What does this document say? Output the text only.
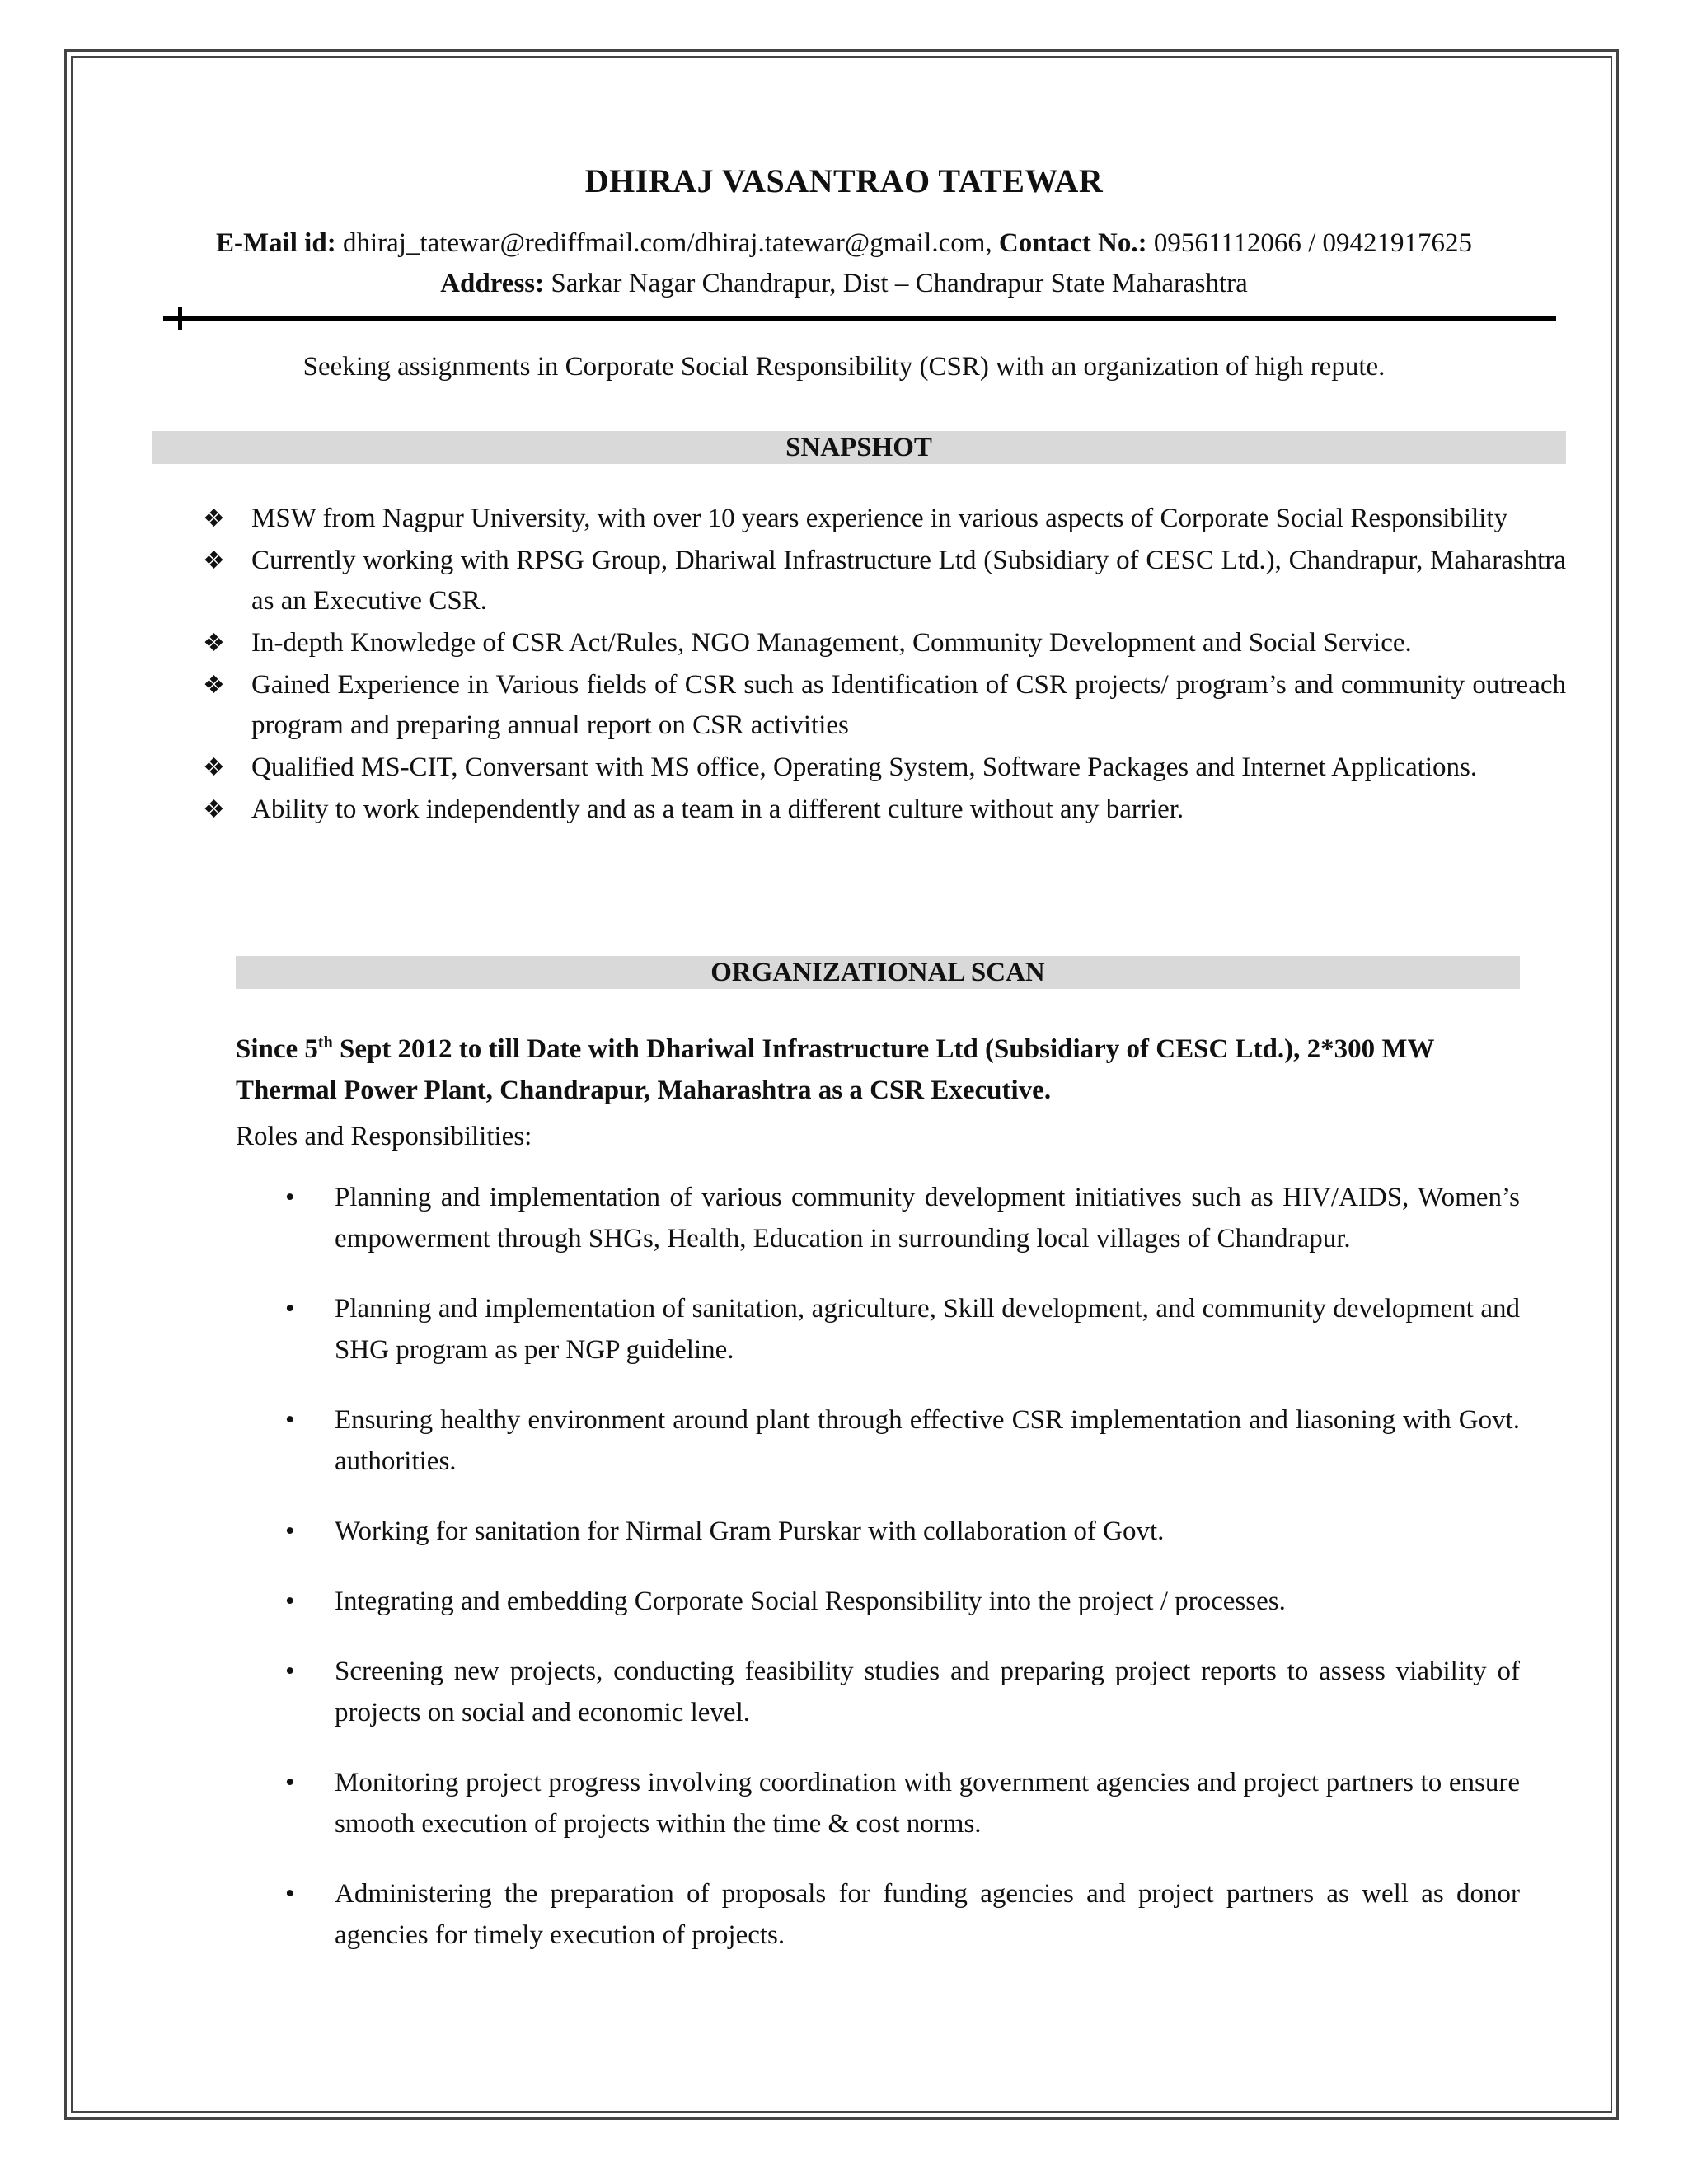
DHIRAJ VASANTRAO TATEWAR
E-Mail id: dhiraj_tatewar@rediffmail.com/dhiraj.tatewar@gmail.com, Contact No.: 09561112066 / 09421917625
Address: Sarkar Nagar Chandrapur, Dist – Chandrapur State Maharashtra
Seeking assignments in Corporate Social Responsibility (CSR) with an organization of high repute.
SNAPSHOT
❖ MSW from Nagpur University, with over 10 years experience in various aspects of Corporate Social Responsibility
❖ Currently working with RPSG Group, Dhariwal Infrastructure Ltd (Subsidiary of CESC Ltd.), Chandrapur, Maharashtra as an Executive CSR.
❖ In-depth Knowledge of CSR Act/Rules, NGO Management, Community Development and Social Service.
❖ Gained Experience in Various fields of CSR such as Identification of CSR projects/ program’s and community outreach program and preparing annual report on CSR activities
❖ Qualified MS-CIT, Conversant with MS office, Operating System, Software Packages and Internet Applications.
❖ Ability to work independently and as a team in a different culture without any barrier.
ORGANIZATIONAL SCAN
Since 5th Sept 2012 to till Date with Dhariwal Infrastructure Ltd (Subsidiary of CESC Ltd.), 2*300 MW Thermal Power Plant, Chandrapur, Maharashtra as a CSR Executive.
Roles and Responsibilities:
• Planning and implementation of various community development initiatives such as HIV/AIDS, Women’s empowerment through SHGs, Health, Education in surrounding local villages of Chandrapur.
• Planning and implementation of sanitation, agriculture, Skill development, and community development and SHG program as per NGP guideline.
• Ensuring healthy environment around plant through effective CSR implementation and liasoning with Govt. authorities.
• Working for sanitation for Nirmal Gram Purskar with collaboration of Govt.
• Integrating and embedding Corporate Social Responsibility into the project / processes.
• Screening new projects, conducting feasibility studies and preparing project reports to assess viability of projects on social and economic level.
• Monitoring project progress involving coordination with government agencies and project partners to ensure smooth execution of projects within the time & cost norms.
• Administering the preparation of proposals for funding agencies and project partners as well as donor agencies for timely execution of projects.
